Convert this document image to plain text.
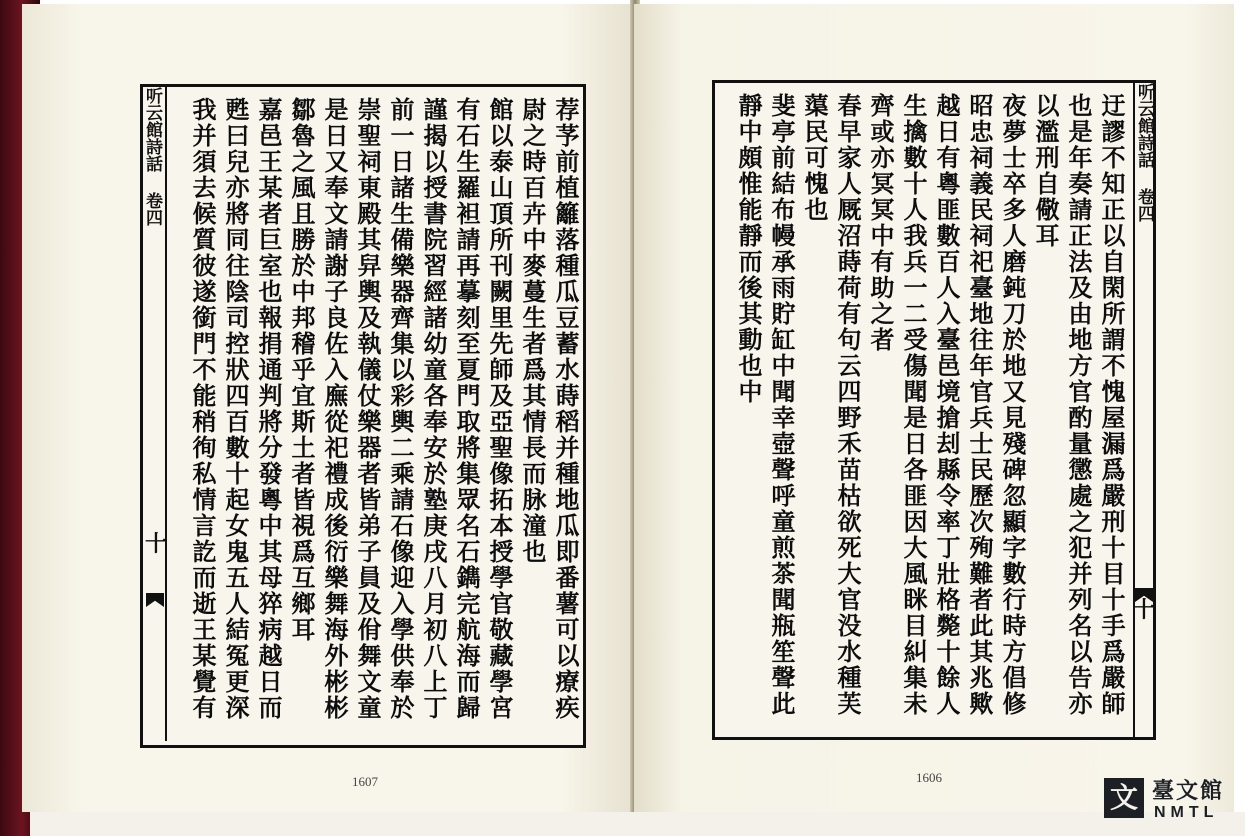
听云館詩話 卷四	荐芧前植籬落種瓜豆蓄水蒔稻并種地瓜即番薯可以療疾
尉之時百卉中麥蔓生者爲其情長而脉潼也
館以泰山頂所刊闕里先師及亞聖像拓本授學官敬藏學宮
有石生羅袒請再摹刻至夏門取將集眾名石鐫完航海而歸
謹揭以授書院習經諸幼童各奉安於塾庚戌八月初八上丁
前一日諸生備樂器齊集以彩輿二乘請石像迎入學供奉於
崇聖祠東殿其舁輿及執儀仗樂器者皆弟子員及佾舞文童
是日又奉文請謝子良佐入廡從祀禮成後衍樂舞海外彬彬
鄒魯之風且勝於中邦稽乎宜斯土者皆視爲互鄉耳
嘉邑王某者巨室也報捐通判將分發粵中其母猝病越日而
甦曰兒亦將同往陰司控狀四百數十起女鬼五人結冤更深
我并須去候質彼遂銜門不能稍徇私情言訖而逝王某覺有
十
1607
迂謬不知正以自閑所謂不愧屋漏爲嚴刑十目十手爲嚴師
也是年奏請正法及由地方官酌量懲處之犯并列名以告亦
以濫刑自儆耳
夜夢士卒多人磨鈍刀於地又見殘碑忽顯字數行時方倡修
昭忠祠義民祠祀臺地往年官兵士民歷次殉難者此其兆歟
越日有粵匪數百人入臺邑境搶刦縣令率丁壯格斃十餘人
生擒數十人我兵一二受傷聞是日各匪因大風眯目糾集未
齊或亦冥冥中有助之者
春早家人厩沼蒔荷有句云四野禾苗枯欲死大官没水種芙
蕖民可愧也
斐亭前結布幔承雨貯缸中聞幸壺聲呼童煎茶聞瓶笙聲此
靜中頗惟能靜而後其動也中	听云館詩話 卷四
十
1606
文 臺文館
NMTL
